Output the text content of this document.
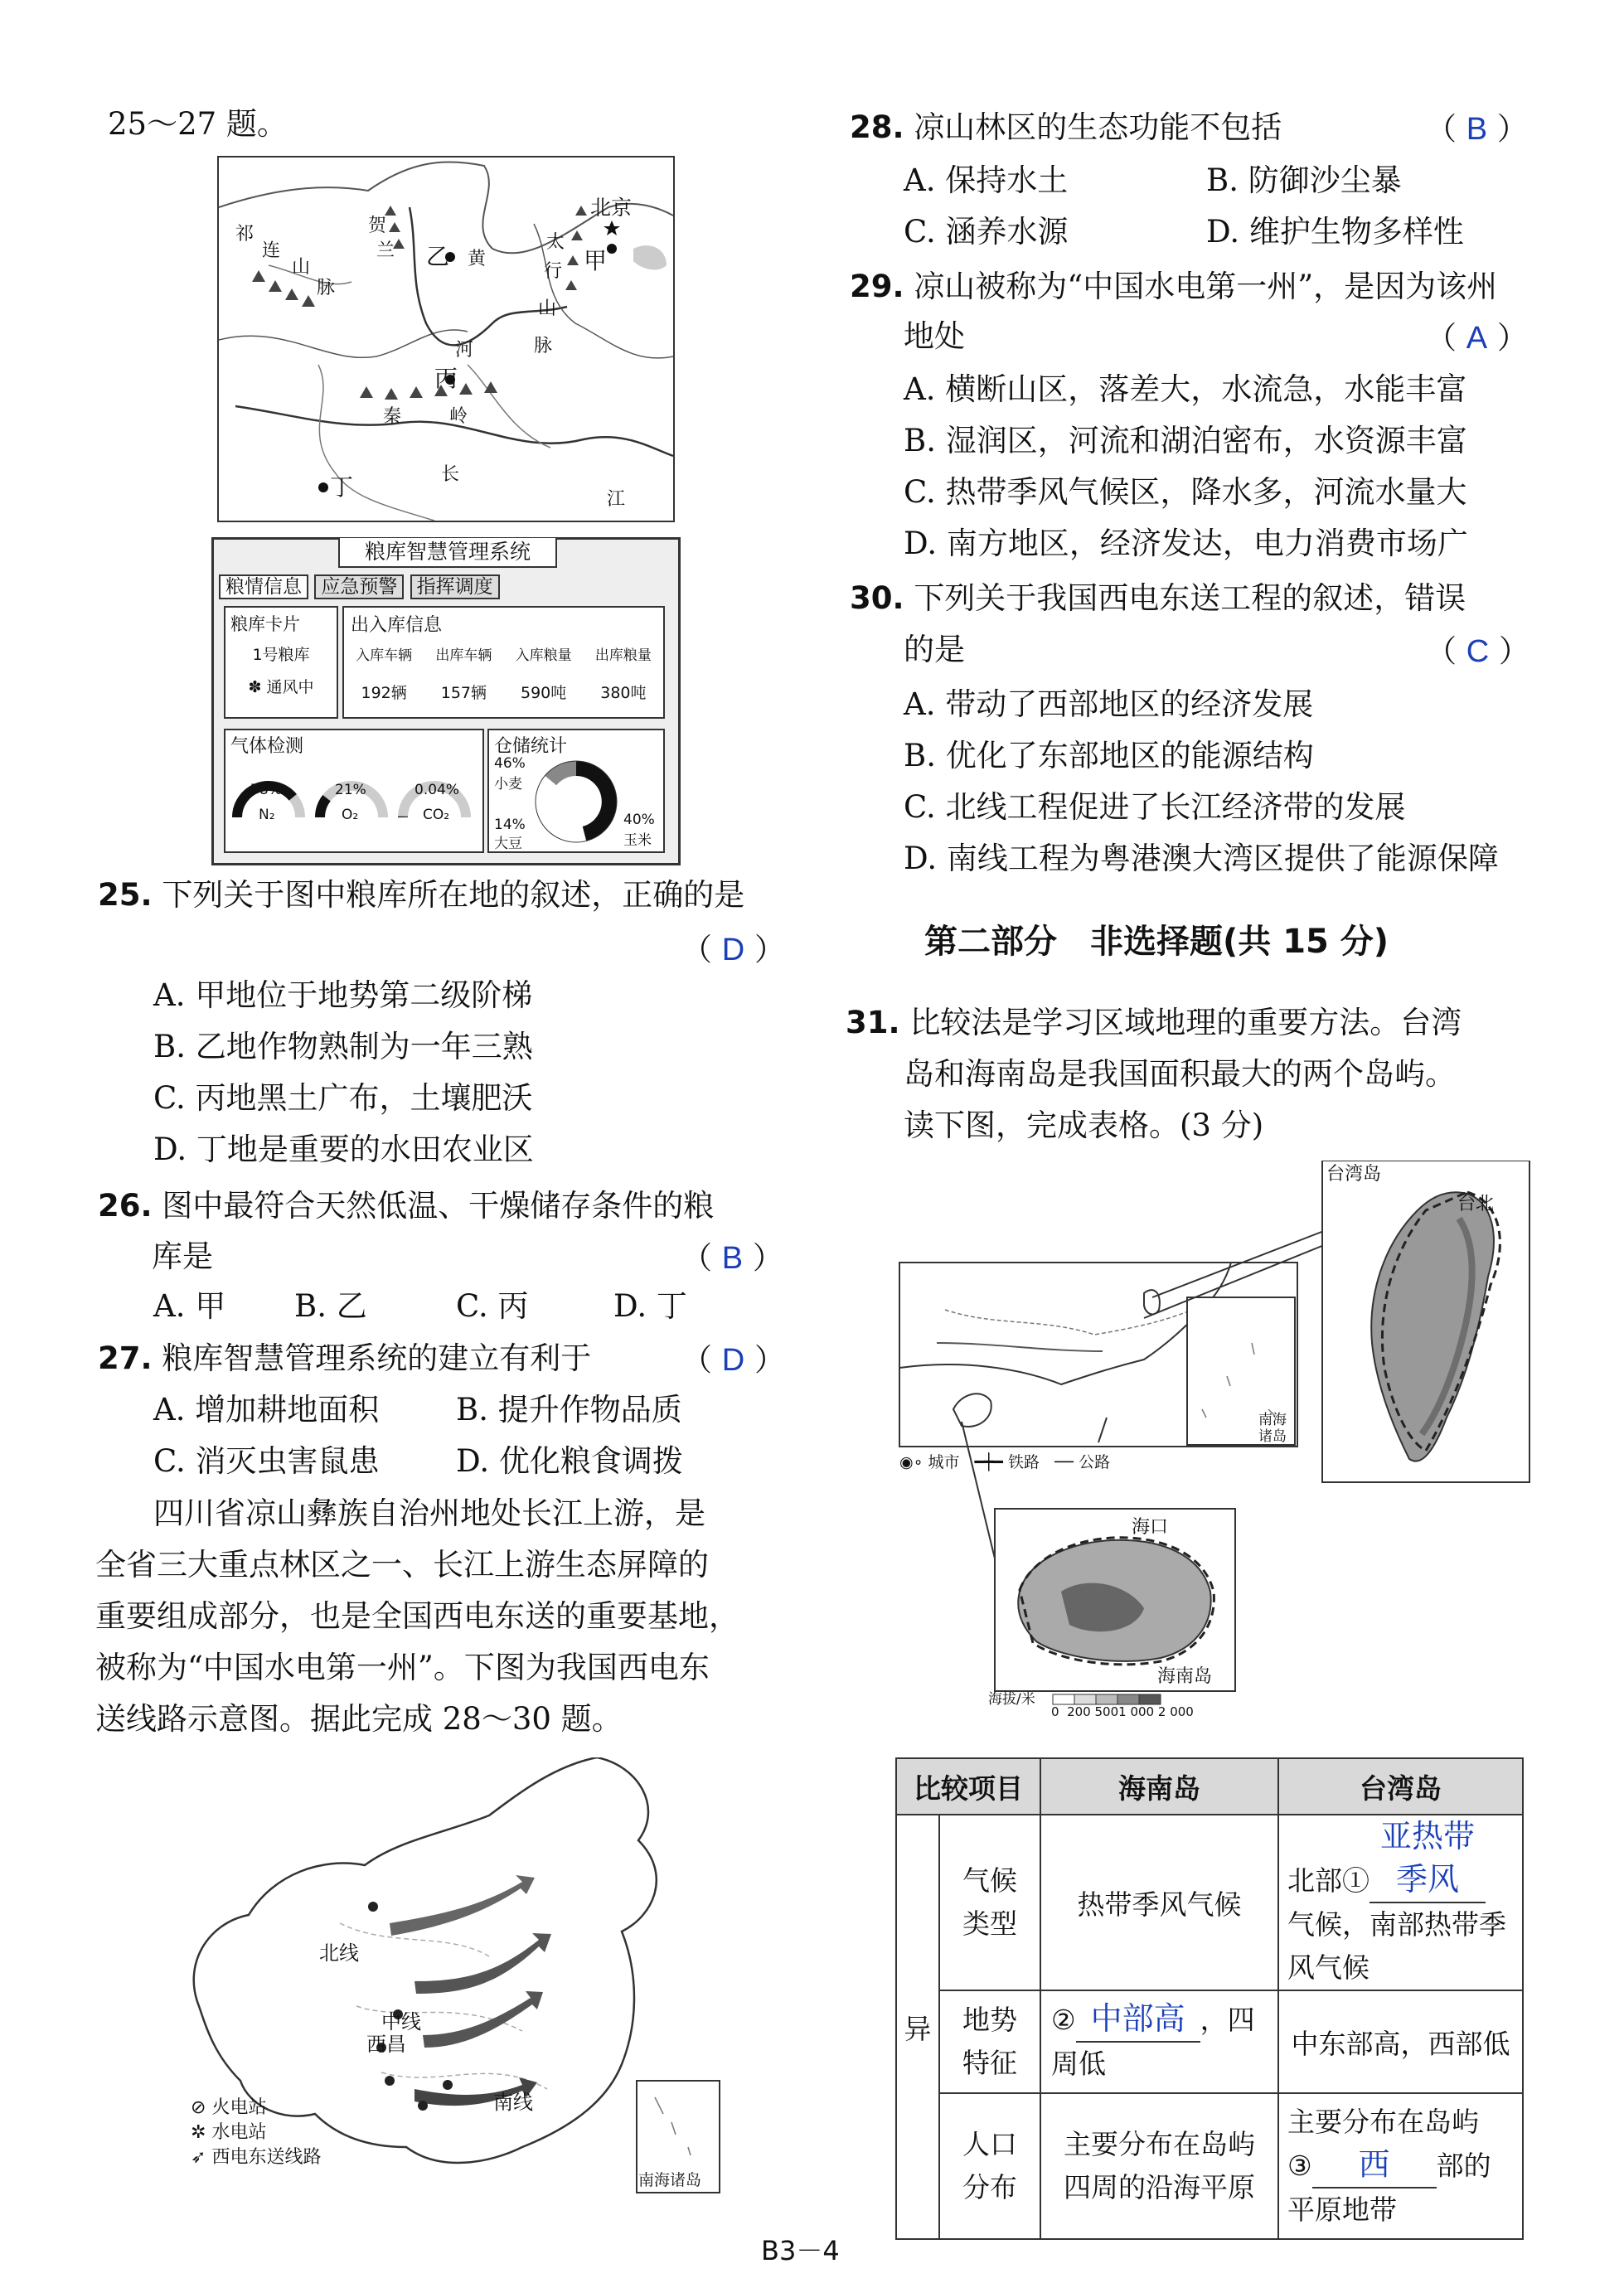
25～27 题。
北京
甲
乙
丙
丁
祁
连
山
脉
贺
兰	黄
河
太
行
山
脉
秦	岭
长
江
粮库智慧管理系统
粮情信息 应急预警 指挥调度
粮库卡片
1号粮库
✽ 通风中
出入库信息
入库车辆 出库车辆 入库粮量 出库粮量
192辆 157辆 590吨 380吨
气体检测
78%
N₂
21%
O₂
0.04%
CO₂
仓储统计
46%
小麦
40%
玉米
14%
大豆
25. 下列关于图中粮库所在地的叙述，正确的是
（ D ）
A. 甲地位于地势第二级阶梯
B. 乙地作物熟制为一年三熟
C. 丙地黑土广布，土壤肥沃
D. 丁地是重要的水田农业区
26. 图中最符合天然低温、干燥储存条件的粮
库是	（ B ）
A. 甲 B. 乙	C. 丙	D. 丁
27. 粮库智慧管理系统的建立有利于	（ D ）
A. 增加耕地面积	B. 提升作物品质
C. 消灭虫害鼠患 D. 优化粮食调拨
四川省凉山彝族自治州地处长江上游，是
全省三大重点林区之一、长江上游生态屏障的
重要组成部分，也是全国西电东送的重要基地，
被称为“中国水电第一州”。下图为我国西电东
送线路示意图。据此完成 28～30 题。
北线
中线
西昌
南线
南海诸岛
⊘ 火电站
✲ 水电站
➶ 西电东送线路
28. 凉山林区的生态功能不包括	（ B ）
A. 保持水土	B. 防御沙尘暴
C. 涵养水源	D. 维护生物多样性
29. 凉山被称为“中国水电第一州”，是因为该州
地处	（ A ）
A. 横断山区，落差大，水流急，水能丰富
B. 湿润区，河流和湖泊密布，水资源丰富
C. 热带季风气候区，降水多，河流水量大
D. 南方地区，经济发达，电力消费市场广
30. 下列关于我国西电东送工程的叙述，错误
的是	（ C ）
A. 带动了西部地区的经济发展
B. 优化了东部地区的能源结构
C. 北线工程促进了长江经济带的发展
D. 南线工程为粤港澳大湾区提供了能源保障
第二部分　非选择题(共 15 分)
31. 比较法是学习区域地理的重要方法。台湾
岛和海南岛是我国面积最大的两个岛屿。
读下图，完成表格。(3 分)
台湾岛
台北
海南岛
海口
南海诸岛
◉∘ 城市 ━┿━ 铁路 ── 公路
海拔/米
0 200 5001 000 2 000
比较项目		海南岛	台湾岛
异	气候
类型	热带季风气候	北部①亚热带季风
气候，南部热带季
风气候
	地势
特征	② 中部高 ，四
周低	中东部高，西部低
	人口
分布	主要分布在岛屿
四周的沿海平原	主要分布在岛屿
③ 西 部的
平原地带
B3－4
